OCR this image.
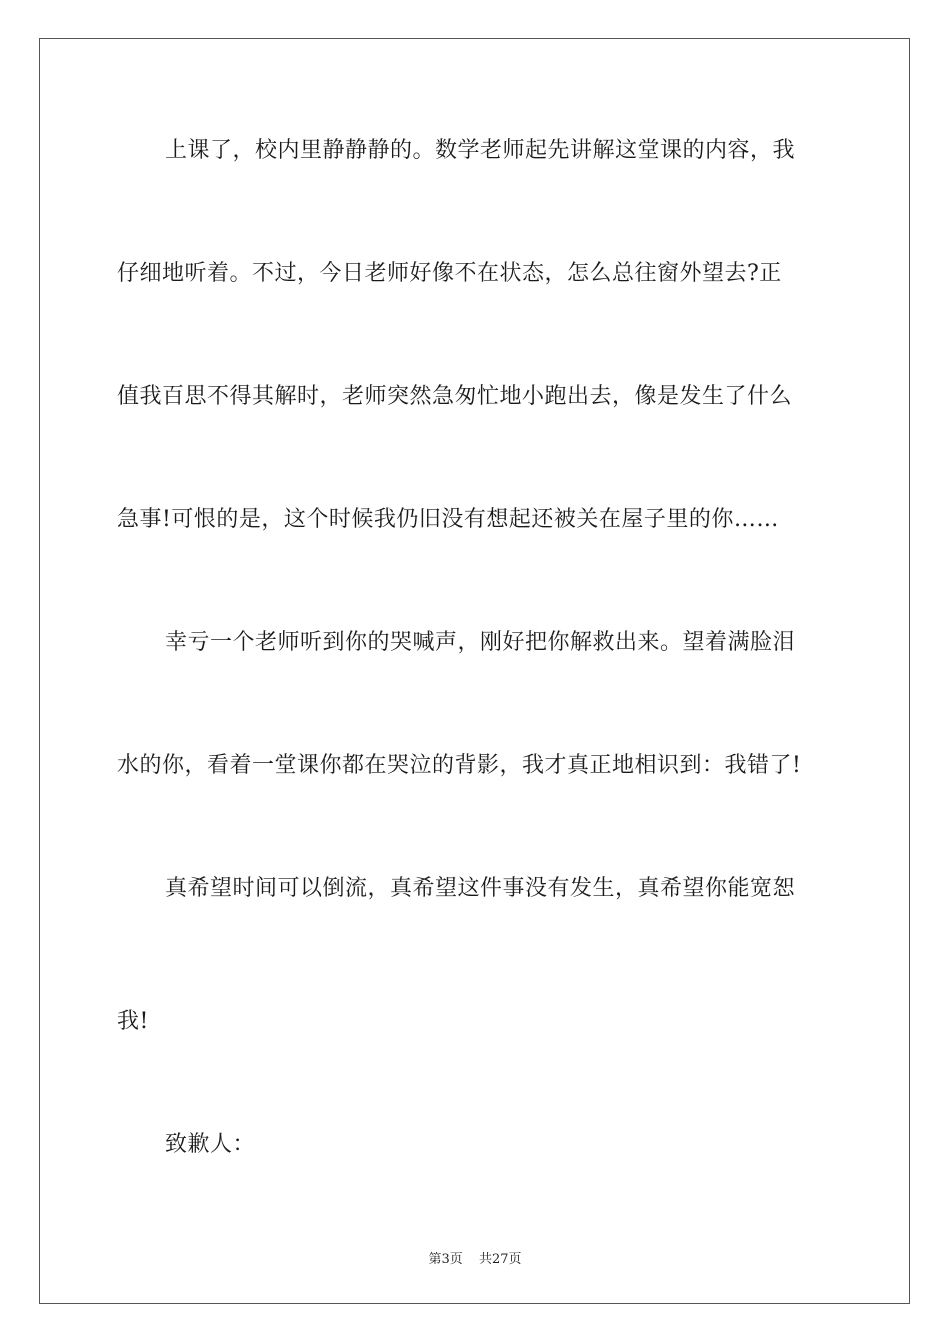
上课了，校内里静静静的。数学老师起先讲解这堂课的内容，我
仔细地听着。不过，今日老师好像不在状态，怎么总往窗外望去?正
值我百思不得其解时，老师突然急匆忙地小跑出去，像是发生了什么
急事!可恨的是，这个时候我仍旧没有想起还被关在屋子里的你……
幸亏一个老师听到你的哭喊声，刚好把你解救出来。望着满脸泪
水的你，看着一堂课你都在哭泣的背影，我才真正地相识到：我错了!
真希望时间可以倒流，真希望这件事没有发生，真希望你能宽恕
我!
致歉人：
第3页 共27页
